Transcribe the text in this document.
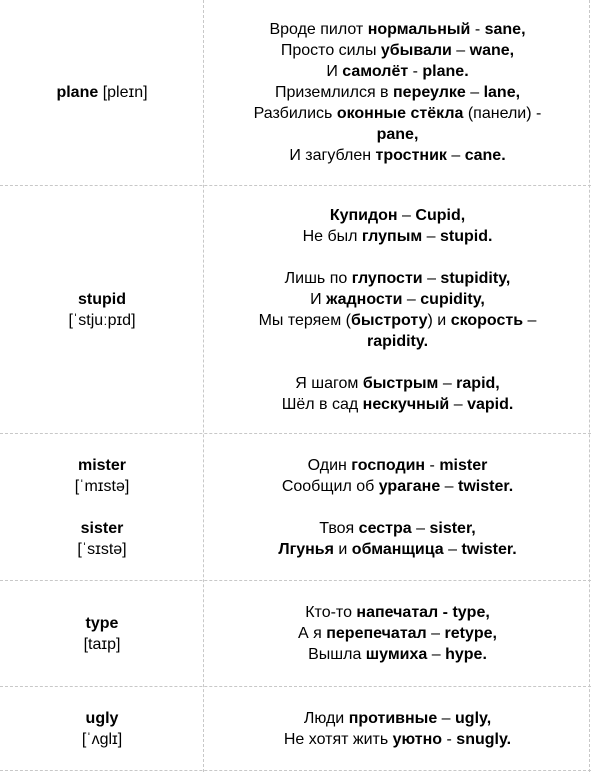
plane [pleɪn]
Вроде пилот нормальный - sane,
Просто силы убывали – wane,
И самолёт - plane.
Приземлился в переулке – lane,
Разбились оконные стёкла (панели) -
pane,
И загублен тростник – cane.
stupid
[ˈstjuːpɪd]
Купидон – Cupid,
Не был глупым – stupid.

Лишь по глупости – stupidity,
И жадности – cupidity,
Мы теряем (быстроту) и скорость –
rapidity.

Я шагом быстрым – rapid,
Шёл в сад нескучный – vapid.
mister
[ˈmɪstə]
sister
[ˈsɪstə]
Один господин - mister
Сообщил об урагане – twister.

Твоя сестра – sister,
Лгунья и обманщица – twister.
type
[taɪp]
Кто-то напечатал - type,
А я перепечатал – retype,
Вышла шумиха – hype.
ugly
[ˈʌglɪ]
Люди противные – ugly,
Не хотят жить уютно - snugly.
